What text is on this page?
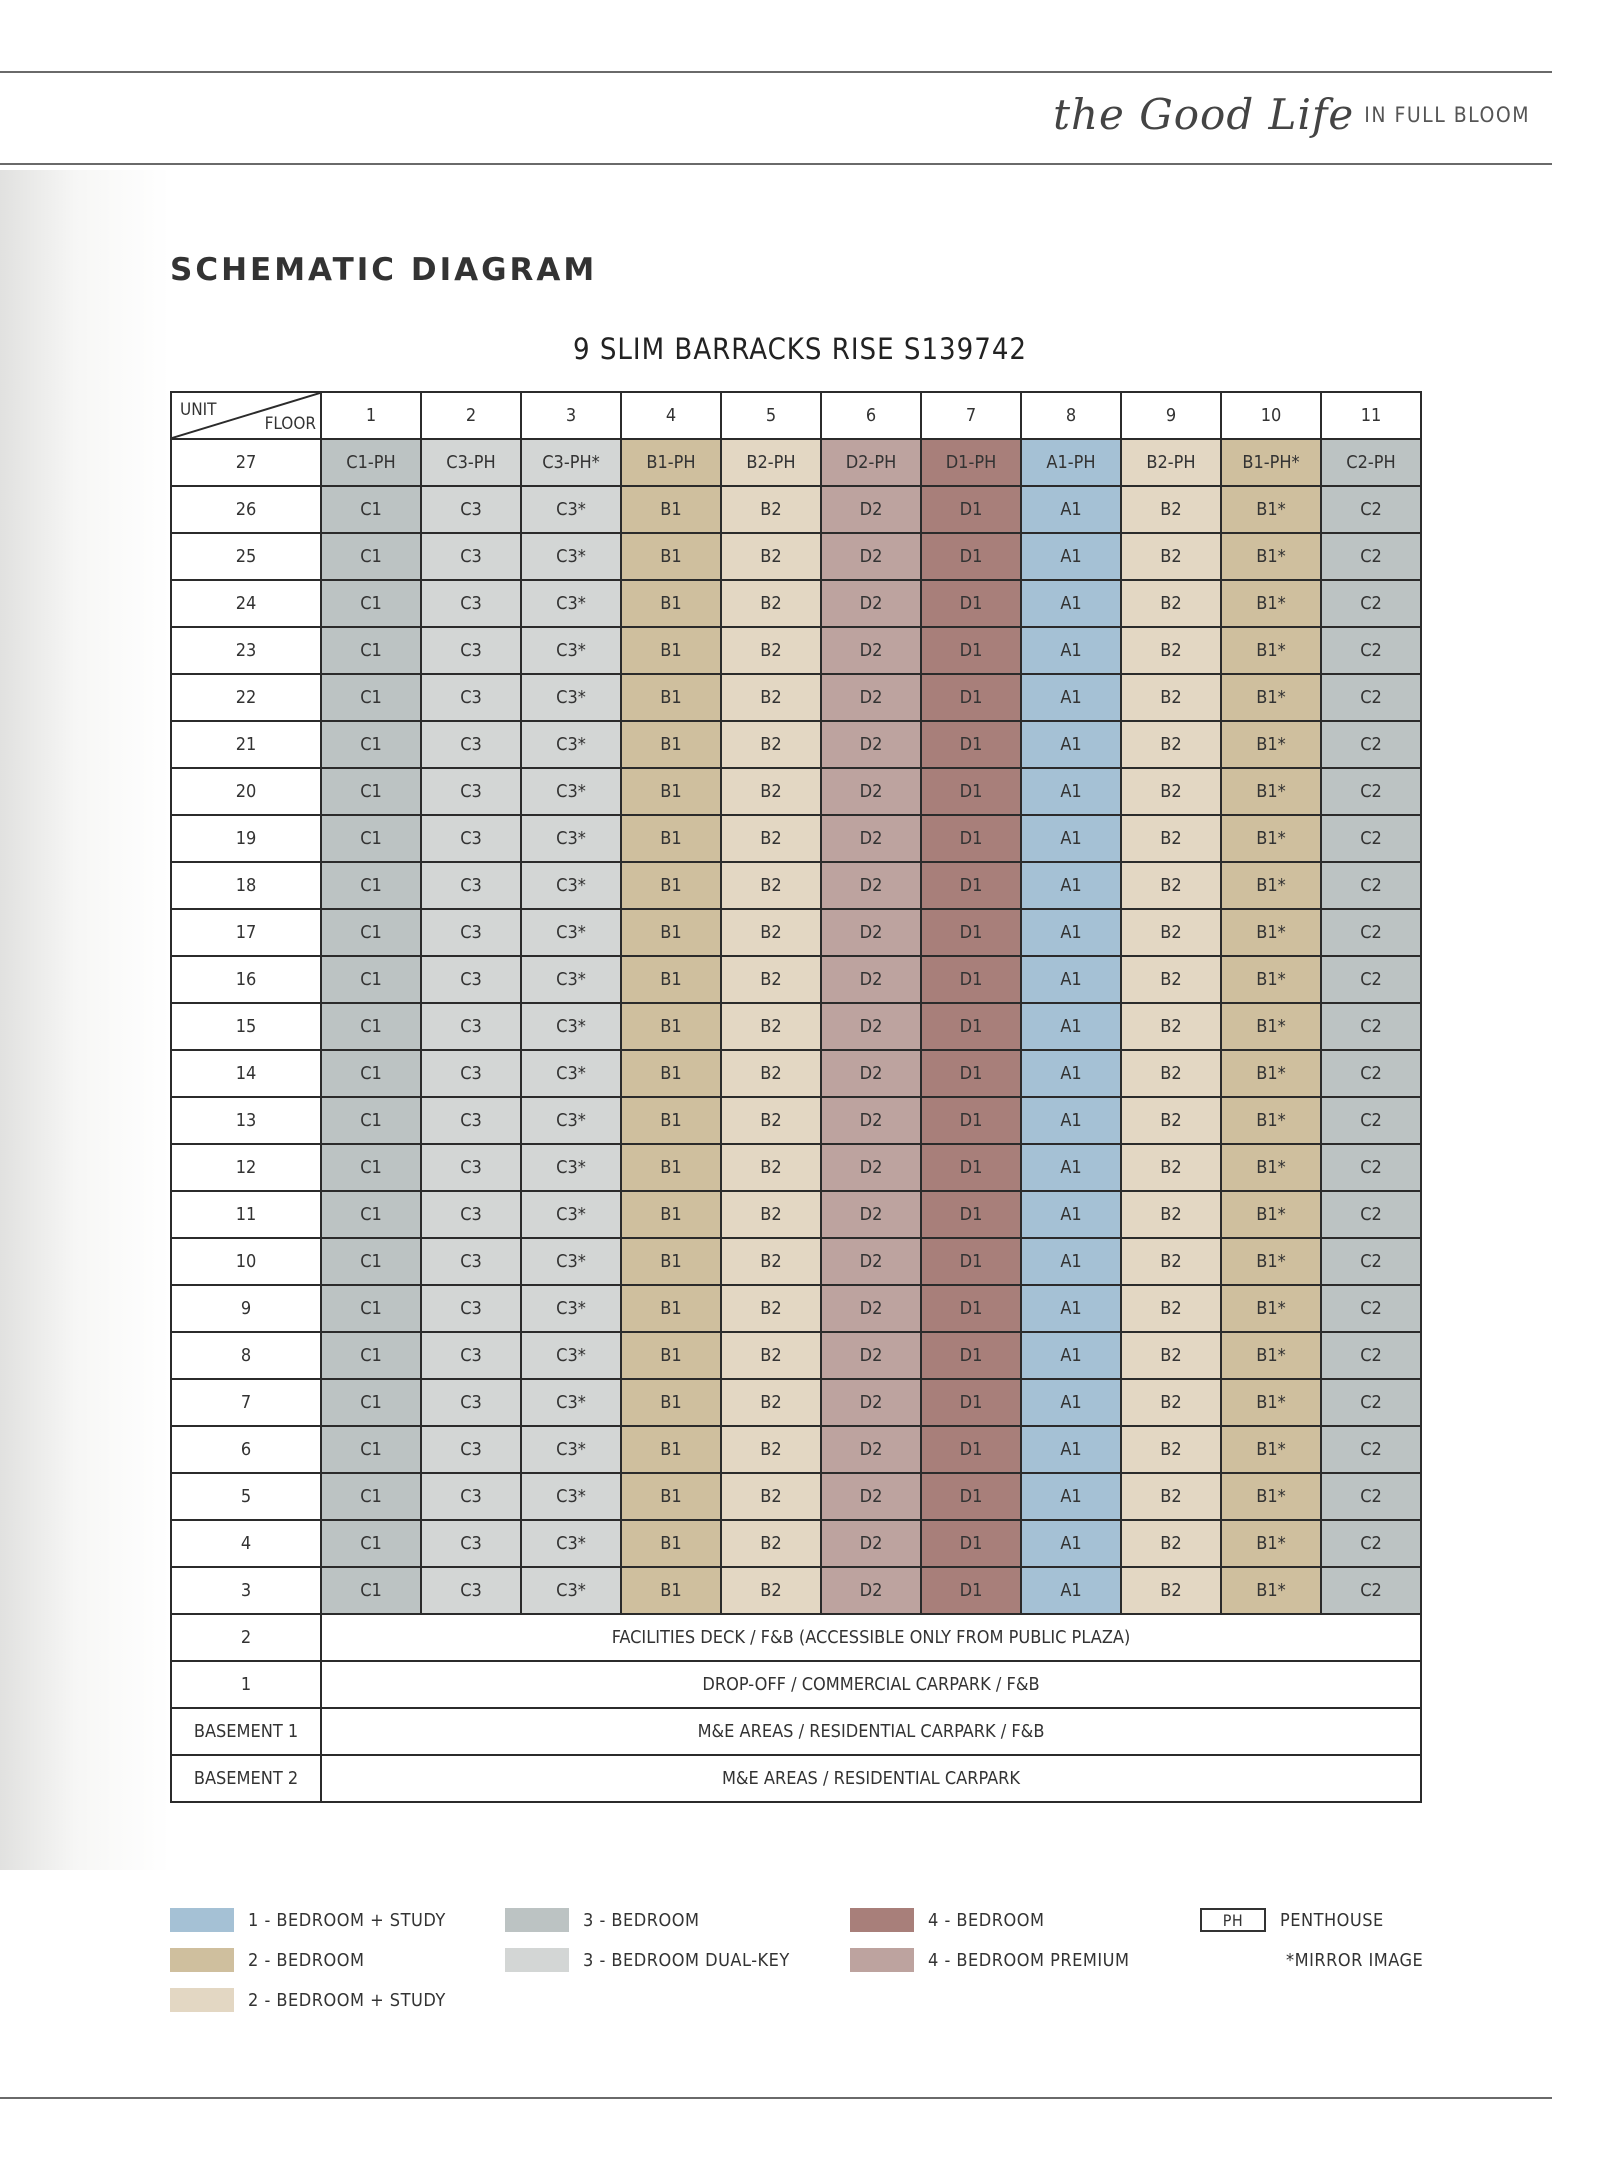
the Good Life IN FULL BLOOM
SCHEMATIC DIAGRAM
9 SLIM BARRACKS RISE S139742
UNIT
FLOOR	1	2	3	4	5	6	7	8	9	10	11
27	C1-PH	C3-PH	C3-PH*	B1-PH	B2-PH	D2-PH	D1-PH	A1-PH	B2-PH	B1-PH*	C2-PH
26	C1	C3	C3*	B1	B2	D2	D1	A1	B2	B1*	C2
25	C1	C3	C3*	B1	B2	D2	D1	A1	B2	B1*	C2
24	C1	C3	C3*	B1	B2	D2	D1	A1	B2	B1*	C2
23	C1	C3	C3*	B1	B2	D2	D1	A1	B2	B1*	C2
22	C1	C3	C3*	B1	B2	D2	D1	A1	B2	B1*	C2
21	C1	C3	C3*	B1	B2	D2	D1	A1	B2	B1*	C2
20	C1	C3	C3*	B1	B2	D2	D1	A1	B2	B1*	C2
19	C1	C3	C3*	B1	B2	D2	D1	A1	B2	B1*	C2
18	C1	C3	C3*	B1	B2	D2	D1	A1	B2	B1*	C2
17	C1	C3	C3*	B1	B2	D2	D1	A1	B2	B1*	C2
16	C1	C3	C3*	B1	B2	D2	D1	A1	B2	B1*	C2
15	C1	C3	C3*	B1	B2	D2	D1	A1	B2	B1*	C2
14	C1	C3	C3*	B1	B2	D2	D1	A1	B2	B1*	C2
13	C1	C3	C3*	B1	B2	D2	D1	A1	B2	B1*	C2
12	C1	C3	C3*	B1	B2	D2	D1	A1	B2	B1*	C2
11	C1	C3	C3*	B1	B2	D2	D1	A1	B2	B1*	C2
10	C1	C3	C3*	B1	B2	D2	D1	A1	B2	B1*	C2
9	C1	C3	C3*	B1	B2	D2	D1	A1	B2	B1*	C2
8	C1	C3	C3*	B1	B2	D2	D1	A1	B2	B1*	C2
7	C1	C3	C3*	B1	B2	D2	D1	A1	B2	B1*	C2
6	C1	C3	C3*	B1	B2	D2	D1	A1	B2	B1*	C2
5	C1	C3	C3*	B1	B2	D2	D1	A1	B2	B1*	C2
4	C1	C3	C3*	B1	B2	D2	D1	A1	B2	B1*	C2
3	C1	C3	C3*	B1	B2	D2	D1	A1	B2	B1*	C2
2	FACILITIES DECK / F&B (ACCESSIBLE ONLY FROM PUBLIC PLAZA)										
1	DROP-OFF / COMMERCIAL CARPARK / F&B										
BASEMENT 1	M&E AREAS / RESIDENTIAL CARPARK / F&B										
BASEMENT 2	M&E AREAS / RESIDENTIAL CARPARK										
1 - BEDROOM + STUDY
2 - BEDROOM
2 - BEDROOM + STUDY
3 - BEDROOM
3 - BEDROOM DUAL-KEY
4 - BEDROOM
4 - BEDROOM PREMIUM
PH	PENTHOUSE
*MIRROR IMAGE
